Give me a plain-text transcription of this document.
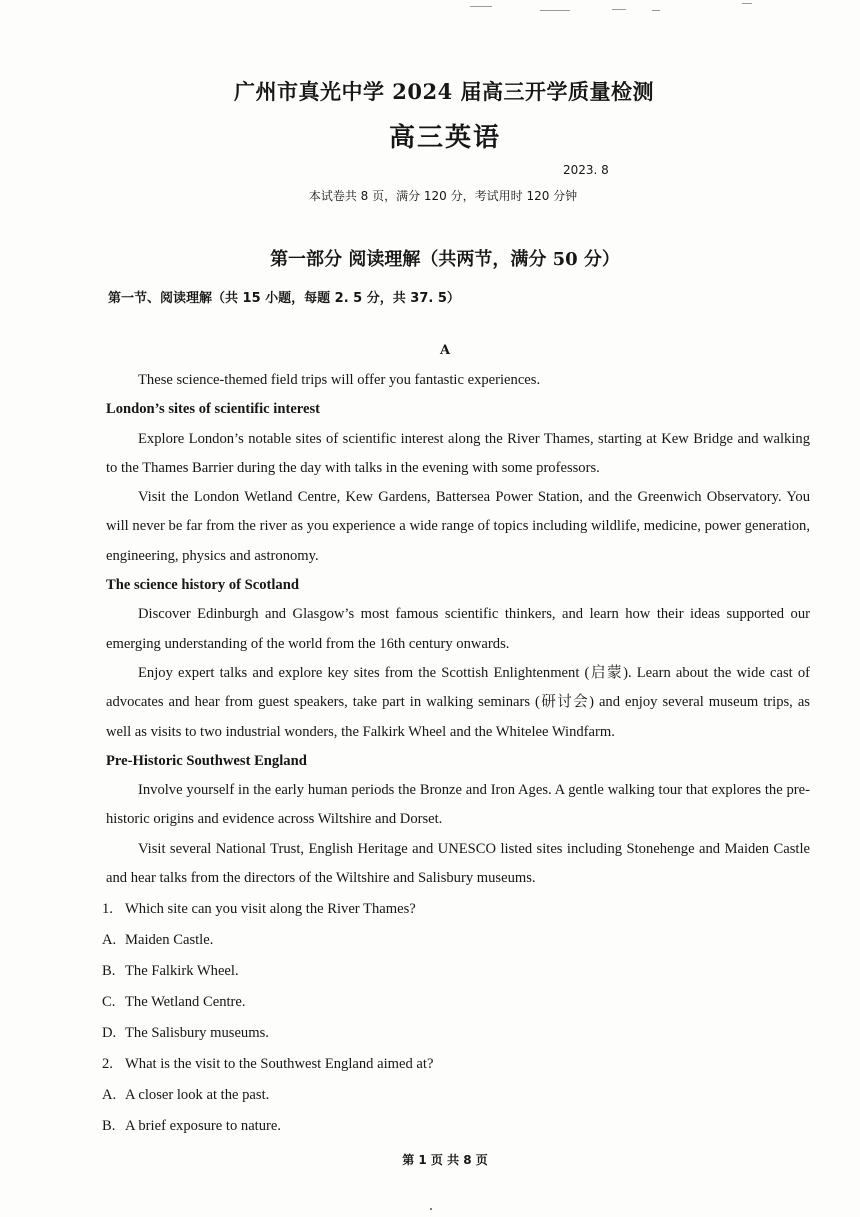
广州市真光中学 2024 届高三开学质量检测
高三英语
2023. 8
本试卷共 8 页，满分 120 分，考试用时 120 分钟
第一部分 阅读理解（共两节，满分 50 分）
第一节、阅读理解（共 15 小题，每题 2. 5 分，共 37. 5）
A

These science-themed field trips will offer you fantastic experiences.

London’s sites of scientific interest

Explore London’s notable sites of scientific interest along the River Thames, starting at Kew Bridge and walking to the Thames Barrier during the day with talks in the evening with some professors.

Visit the London Wetland Centre, Kew Gardens, Battersea Power Station, and the Greenwich Observatory. You will never be far from the river as you experience a wide range of topics including wildlife, medicine, power generation, engineering, physics and astronomy.

The science history of Scotland

Discover Edinburgh and Glasgow’s most famous scientific thinkers, and learn how their ideas supported our emerging understanding of the world from the 16th century onwards.

Enjoy expert talks and explore key sites from the Scottish Enlightenment (启蒙). Learn about the wide cast of advocates and hear from guest speakers, take part in walking seminars (研讨会) and enjoy several museum trips, as well as visits to two industrial wonders, the Falkirk Wheel and the Whitelee Windfarm.

Pre-Historic Southwest England

Involve yourself in the early human periods the Bronze and Iron Ages. A gentle walking tour that explores the pre-historic origins and evidence across Wiltshire and Dorset.

Visit several National Trust, English Heritage and UNESCO listed sites including Stonehenge and Maiden Castle and hear talks from the directors of the Wiltshire and Salisbury museums.

1. Which site can you visit along the River Thames?
A. Maiden Castle.
B. The Falkirk Wheel.
C. The Wetland Centre.
D. The Salisbury museums.
2. What is the visit to the Southwest England aimed at?
A. A closer look at the past.
B. A brief exposure to nature.
第 1 页 共 8 页
